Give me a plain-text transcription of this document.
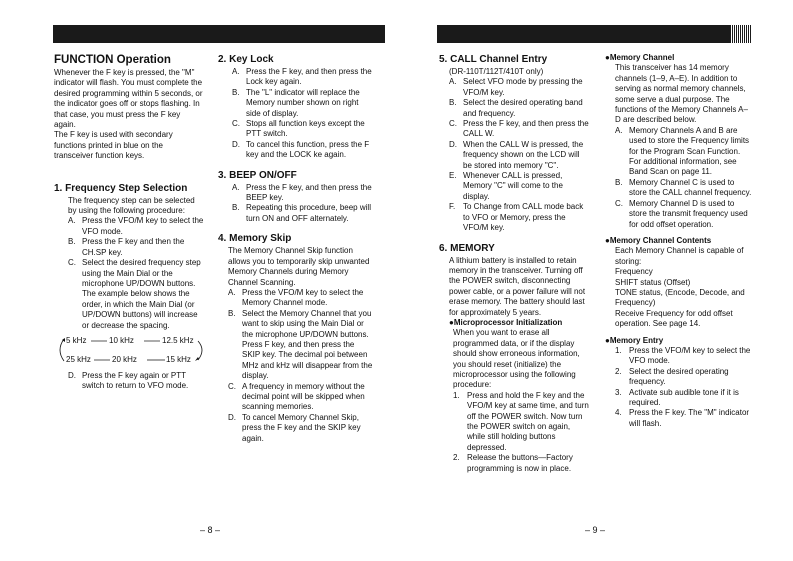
FUNCTION Operation

Whenever the F key is pressed, the "M" indicator will flash. You must complete the desired programming within 5 seconds, or the indicator goes off or stops flashing. In that case, you must press the F key again.

The F key is used with secondary functions printed in blue on the transceiver function keys.

1. Frequency Step Selection

The frequency step can be selected by using the following procedure:

A. Press the VFO/M key to select the VFO mode.
B. Press the F key and then the CH.SP key.
C. Select the desired frequency step using the Main Dial or the microphone UP/DOWN buttons. The example below shows the order, in which the Main Dial (or UP/DOWN buttons) will increase or decrease the spacing.
5 kHz	10 kHz	12.5 kHz
25 kHz	20 kHz	15 kHz
D. Press the F key again or PTT switch to return to VFO mode.
2. Key Lock
A. Press the F key, and then press the Lock key again.
B. The "L" indicator will replace the Memory number shown on right side of display.
C. Stops all function keys except the PTT switch.
D. To cancel this function, press the F key and the LOCK ke again.
3. BEEP ON/OFF
A. Press the F key, and then press the BEEP key.
B. Repeating this procedure, beep will turn ON and OFF alternately.
4. Memory Skip

The Memory Channel Skip function allows you to temporarily skip unwanted Memory Channels during Memory Channel Scanning.

A. Press the VFO/M key to select the Memory Channel mode.
B. Select the Memory Channel that you want to skip using the Main Dial or the microphone UP/DOWN buttons. Press F key, and then press the SKIP key. The decimal poi between MHz and kHz will disappear from the display.
C. A frequency in memory without the decimal point will be skipped when scanning memories.
D. To cancel Memory Channel Skip, press the F key and the SKIP key again.
5. CALL Channel Entry

(DR-110T/112T/410T only)

A. Select VFO mode by pressing the VFO/M key.
B. Select the desired operating band and frequency.
C. Press the F key, and then press the CALL W.
D. When the CALL W is pressed, the frequency shown on the LCD will be stored into memory "C".
E. Whenever CALL is pressed, Memory "C" will come to the display.
F. To Change from CALL mode back to VFO or Memory, press the VFO/M key.
6. MEMORY

A lithium battery is installed to retain memory in the transceiver. Turning off the POWER switch, disconnecting power cable, or a power failure will not erase memory. The battery should last for approximately 5 years.

●Microprocessor Initialization

When you want to erase all programmed data, or if the display should show erroneous information, you should reset (initialize) the microprocessor using the following procedure:

1. Press and hold the F key and the VFO/M key at same time, and turn off the POWER switch. Now turn the POWER switch on again, while still holding buttons depressed.
2. Release the buttons—Factory programming is now in place.

●Memory Channel

This transceiver has 14 memory channels (1–9, A–E). In addition to serving as normal memory channels, some serve a dual purpose. The functions of the Memory Channels A–D are described below.

A. Memory Channels A and B are used to store the Frequency limits for the Program Scan Function. For additional information, see Band Scan on page 11.
B. Memory Channel C is used to store the CALL channel frequency.
C. Memory Channel D is used to store the transmit frequency used for odd offset operation.

●Memory Channel Contents

Each Memory Channel is capable of storing:

Frequency

SHIFT status (Offset)

TONE status, (Encode, Decode, and Frequency)

Receive Frequency for odd offset operation. See page 14.

●Memory Entry

1. Press the VFO/M key to select the VFO mode.
2. Select the desired operating frequency.
3. Activate sub audible tone if it is required.
4. Press the F key. The "M" indicator will flash.
– 8 –	– 9 –
